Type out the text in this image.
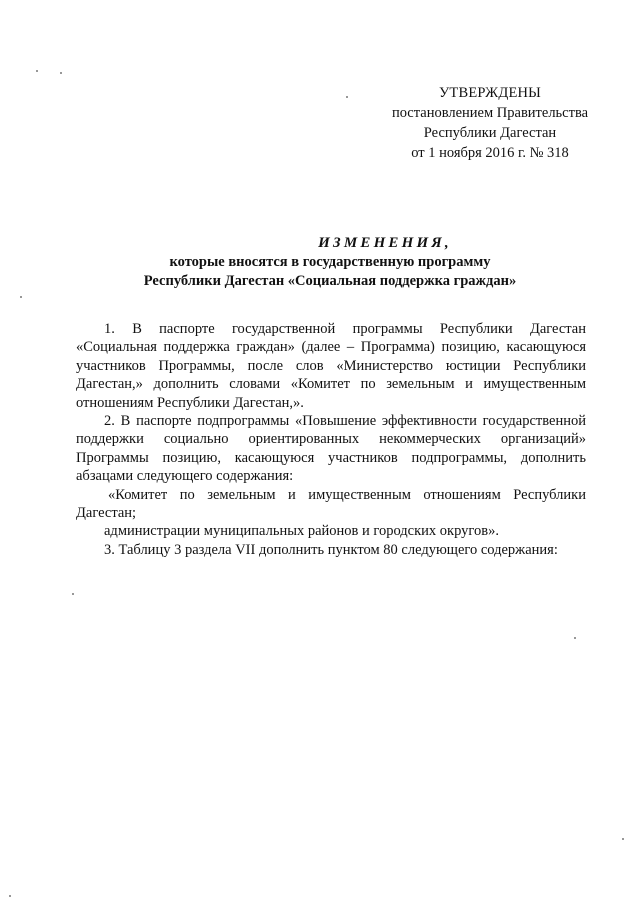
УТВЕРЖДЕНЫ
постановлением Правительства
Республики Дагестан
от 1 ноября 2016 г. № 318
ИЗМЕНЕНИЯ,
которые вносятся в государственную программу
Республики Дагестан «Социальная поддержка граждан»

1. В паспорте государственной программы Республики Дагестан «Социальная поддержка граждан» (далее – Программа) позицию, касающуюся участников Программы, после слов «Министерство юстиции Республики Дагестан,» дополнить словами «Комитет по земельным и имущественным отношениям Республики Дагестан,».

2. В паспорте подпрограммы «Повышение эффективности государственной поддержки социально ориентированных некоммерческих организаций» Программы позицию, касающуюся участников подпрограммы, дополнить абзацами следующего содержания:

«Комитет по земельным и имущественным отношениям Республики Дагестан;

администрации муниципальных районов и городских округов».

3. Таблицу 3 раздела VII дополнить пунктом 80 следующего содержания:
